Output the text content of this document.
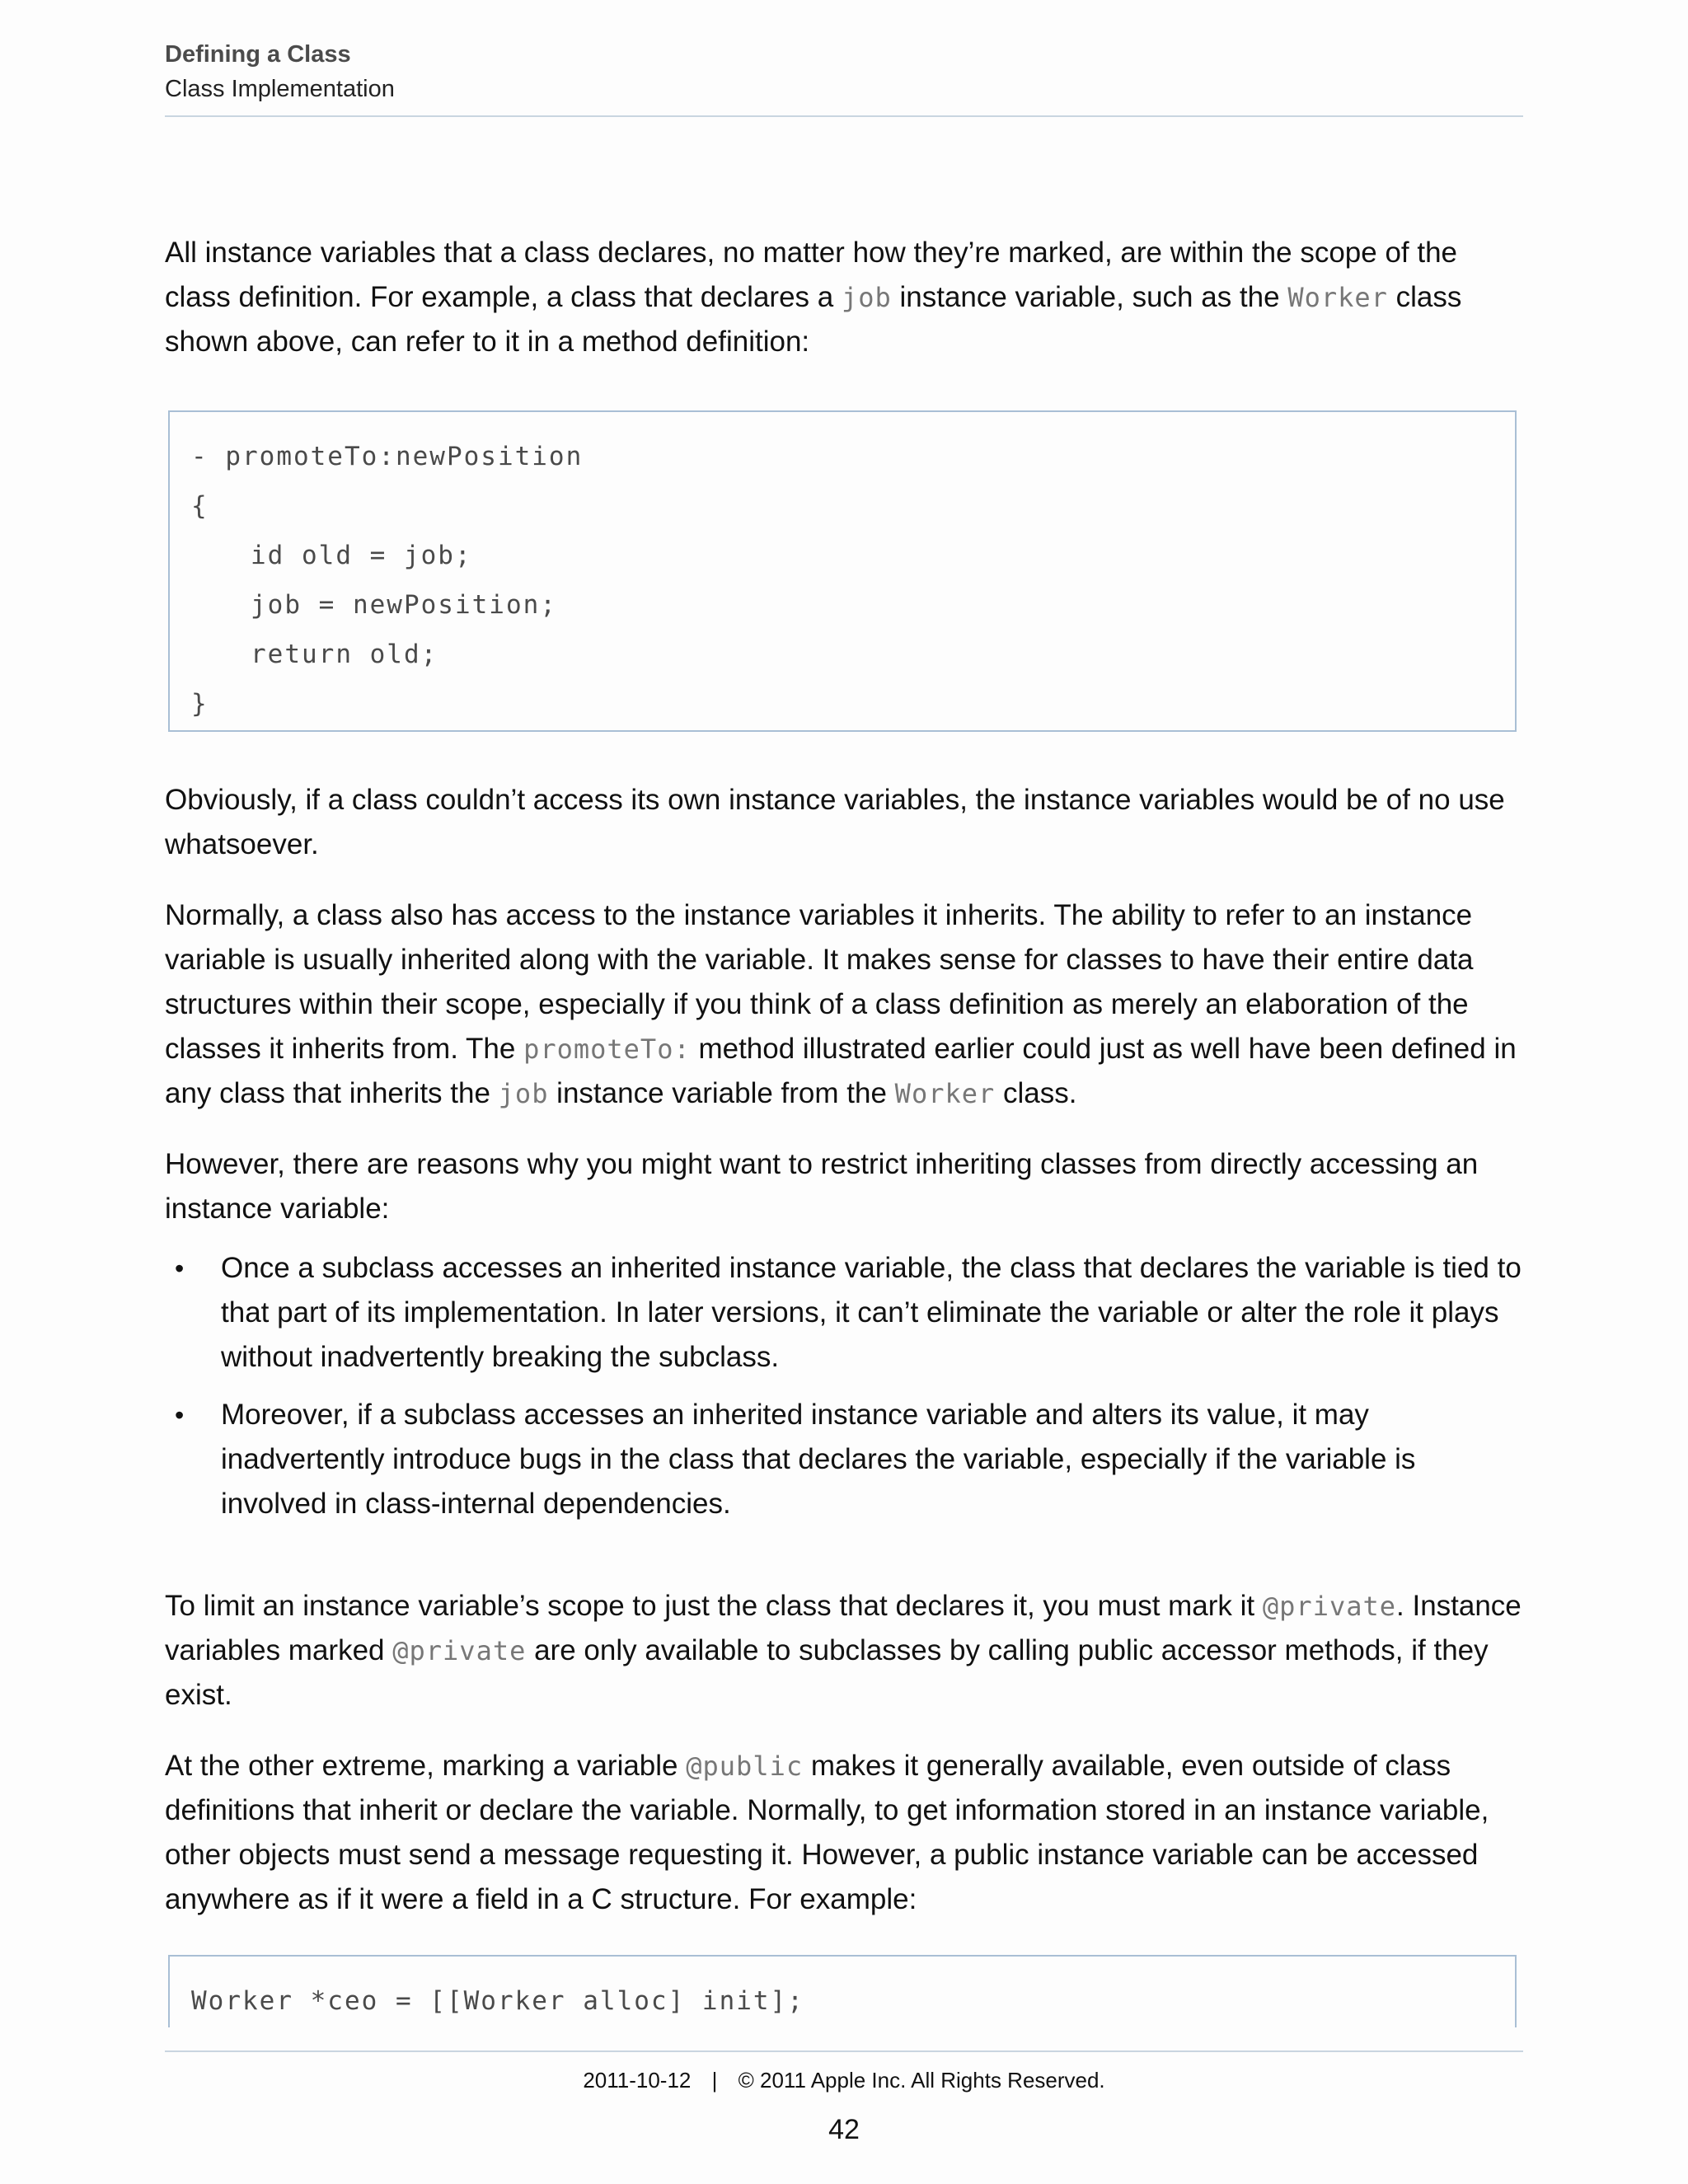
Defining a Class
Class Implementation

All instance variables that a class declares, no matter how they’re marked, are within the scope of the class definition. For example, a class that declares a job instance variable, such as the Worker class shown above, can refer to it in a method definition:

- promoteTo:newPosition
{
id old = job;
job = newPosition;
return old;
}

Obviously, if a class couldn’t access its own instance variables, the instance variables would be of no use whatsoever.

Normally, a class also has access to the instance variables it inherits. The ability to refer to an instance variable is usually inherited along with the variable. It makes sense for classes to have their entire data structures within their scope, especially if you think of a class definition as merely an elaboration of the classes it inherits from. The promoteTo: method illustrated earlier could just as well have been defined in any class that inherits the job instance variable from the Worker class.

However, there are reasons why you might want to restrict inheriting classes from directly accessing an instance variable:

• Once a subclass accesses an inherited instance variable, the class that declares the variable is tied to that part of its implementation. In later versions, it can’t eliminate the variable or alter the role it plays without inadvertently breaking the subclass.
• Moreover, if a subclass accesses an inherited instance variable and alters its value, it may inadvertently introduce bugs in the class that declares the variable, especially if the variable is involved in class-internal dependencies.

To limit an instance variable’s scope to just the class that declares it, you must mark it @private. Instance variables marked @private are only available to subclasses by calling public accessor methods, if they exist.

At the other extreme, marking a variable @public makes it generally available, even outside of class definitions that inherit or declare the variable. Normally, to get information stored in an instance variable, other objects must send a message requesting it. However, a public instance variable can be accessed anywhere as if it were a field in a C structure. For example:

Worker *ceo = [[Worker alloc] init];
2011-10-12 | © 2011 Apple Inc. All Rights Reserved.
42
